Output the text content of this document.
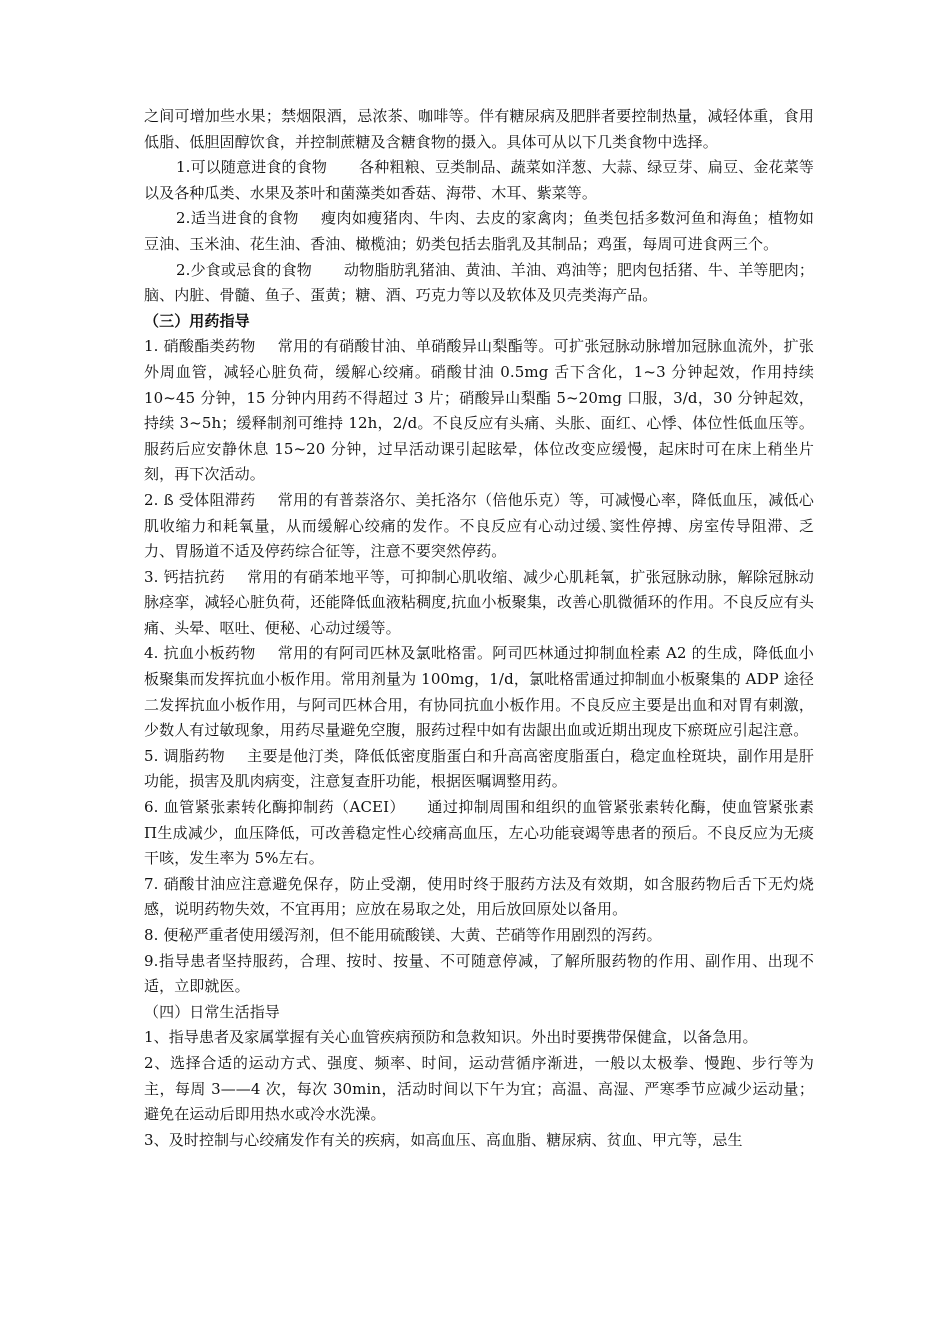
之间可增加些水果；禁烟限酒，忌浓茶、咖啡等。伴有糖尿病及肥胖者要控制热量，减轻体重，食用低脂、低胆固醇饮食，并控制蔗糖及含糖食物的摄入。具体可从以下几类食物中选择。

1.可以随意进食的食物 各种粗粮、豆类制品、蔬菜如洋葱、大蒜、绿豆芽、扁豆、金花菜等以及各种瓜类、水果及茶叶和菌藻类如香菇、海带、木耳、紫菜等。

2.适当进食的食物 瘦肉如瘦猪肉、牛肉、去皮的家禽肉；鱼类包括多数河鱼和海鱼；植物如豆油、玉米油、花生油、香油、橄榄油；奶类包括去脂乳及其制品；鸡蛋，每周可进食两三个。

2.少食或忌食的食物 动物脂肪乳猪油、黄油、羊油、鸡油等；肥肉包括猪、牛、羊等肥肉；脑、内脏、骨髓、鱼子、蛋黄；糖、酒、巧克力等以及软体及贝壳类海产品。

（三）用药指导

1. 硝酸酯类药物 常用的有硝酸甘油、单硝酸异山梨酯等。可扩张冠脉动脉增加冠脉血流外，扩张外周血管，减轻心脏负荷，缓解心绞痛。硝酸甘油 0.5mg 舌下含化，1~3 分钟起效，作用持续 10~45 分钟，15 分钟内用药不得超过 3 片；硝酸异山梨酯 5~20mg 口服，3/d，30 分钟起效，持续 3~5h；缓释制剂可维持 12h，2/d。不良反应有头痛、头胀、面红、心悸、体位性低血压等。服药后应安静休息 15~20 分钟，过早活动课引起眩晕，体位改变应缓慢，起床时可在床上稍坐片刻，再下次活动。

2. ß 受体阻滞药 常用的有普萘洛尔、美托洛尔（倍他乐克）等，可减慢心率，降低血压，减低心肌收缩力和耗氧量，从而缓解心绞痛的发作。不良反应有心动过缓､窦性停搏、房室传导阻滞、乏力、胃肠道不适及停药综合征等，注意不要突然停药。

3. 钙拮抗药 常用的有硝苯地平等，可抑制心肌收缩、减少心肌耗氧，扩张冠脉动脉，解除冠脉动脉痉挛，减轻心脏负荷，还能降低血液粘稠度,抗血小板聚集，改善心肌微循环的作用。不良反应有头痛、头晕、呕吐、便秘、心动过缓等。

4. 抗血小板药物 常用的有阿司匹林及氯吡格雷。阿司匹林通过抑制血栓素 A2 的生成，降低血小板聚集而发挥抗血小板作用。常用剂量为 100mg，1/d，氯吡格雷通过抑制血小板聚集的 ADP 途径二发挥抗血小板作用，与阿司匹林合用，有协同抗血小板作用。不良反应主要是出血和对胃有刺激，少数人有过敏现象，用药尽量避免空腹，服药过程中如有齿龈出血或近期出现皮下瘀斑应引起注意。

5. 调脂药物 主要是他汀类，降低低密度脂蛋白和升高高密度脂蛋白，稳定血栓斑块，副作用是肝功能，损害及肌肉病变，注意复查肝功能，根据医嘱调整用药。

6. 血管紧张素转化酶抑制药（ACEI） 通过抑制周围和组织的血管紧张素转化酶，使血管紧张素　Π生成减少，血压降低，可改善稳定性心绞痛高血压，左心功能衰竭等患者的预后。不良反应为无痰干咳，发生率为 5%左右。

7. 硝酸甘油应注意避免保存，防止受潮，使用时终于服药方法及有效期，如含服药物后舌下无灼烧感，说明药物失效，不宜再用；应放在易取之处，用后放回原处以备用。

8. 便秘严重者使用缓泻剂，但不能用硫酸镁、大黄、芒硝等作用剧烈的泻药。

9.指导患者坚持服药，合理、按时、按量、不可随意停减，了解所服药物的作用、副作用、出现不适，立即就医。

（四）日常生活指导

1、指导患者及家属掌握有关心血管疾病预防和急救知识。外出时要携带保健盒，以备急用。

2、选择合适的运动方式、强度、频率、时间，运动营循序渐进，一般以太极拳、慢跑、步行等为主，每周 3——4 次，每次 30min，活动时间以下午为宜；高温、高湿、严寒季节应减少运动量；避免在运动后即用热水或冷水洗澡。

3、及时控制与心绞痛发作有关的疾病，如高血压、高血脂、糖尿病、贫血、甲亢等，忌生
